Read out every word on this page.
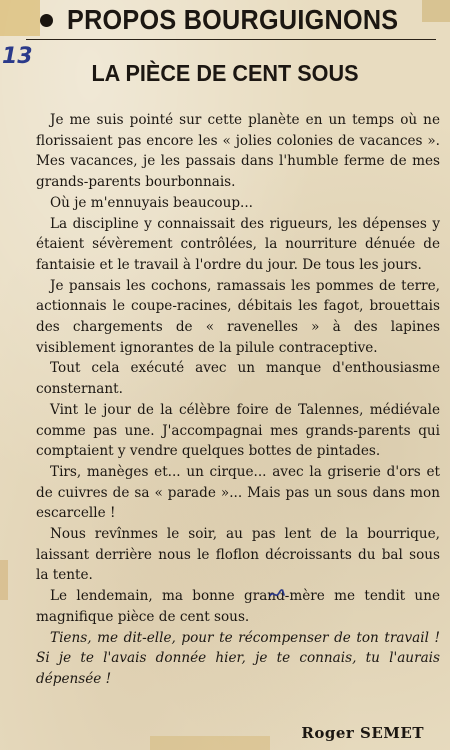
PROPOS BOURGUIGNONS
13
LA PIÈCE DE CENT SOUS

Je me suis pointé sur cette planète en un temps où ne florissaient pas encore les « jolies colonies de vacances ». Mes vacances, je les passais dans l'humble ferme de mes grands-parents bourbonnais.

Où je m'ennuyais beaucoup...

La discipline y connaissait des rigueurs, les dépenses y étaient sévèrement contrôlées, la nourriture dénuée de fantaisie et le travail à l'ordre du jour. De tous les jours.

Je pansais les cochons, ramassais les pommes de terre, actionnais le coupe-racines, débitais les fagot, brouettais des chargements de « ravenelles » à des lapines visiblement ignorantes de la pilule contraceptive.

Tout cela exécuté avec un manque d'enthousiasme consternant.

Vint le jour de la célèbre foire de Talennes, médiévale comme pas une. J'accompagnai mes grands-parents qui comptaient y vendre quelques bottes de pintades.

Tirs, manèges et... un cirque... avec la griserie d'ors et de cuivres de sa « parade »... Mais pas un sous dans mon escarcelle !

Nous revînmes le soir, au pas lent de la bourrique, laissant derrière nous le floflon décroissants du bal sous la tente.

Le lendemain, ma bonne grand-mère me tendit une magnifique pièce de cent sous.

Tiens, me dit-elle, pour te récompenser de ton travail ! Si je te l'avais donnée hier, je te connais, tu l'aurais dépensée !

Roger SEMET
